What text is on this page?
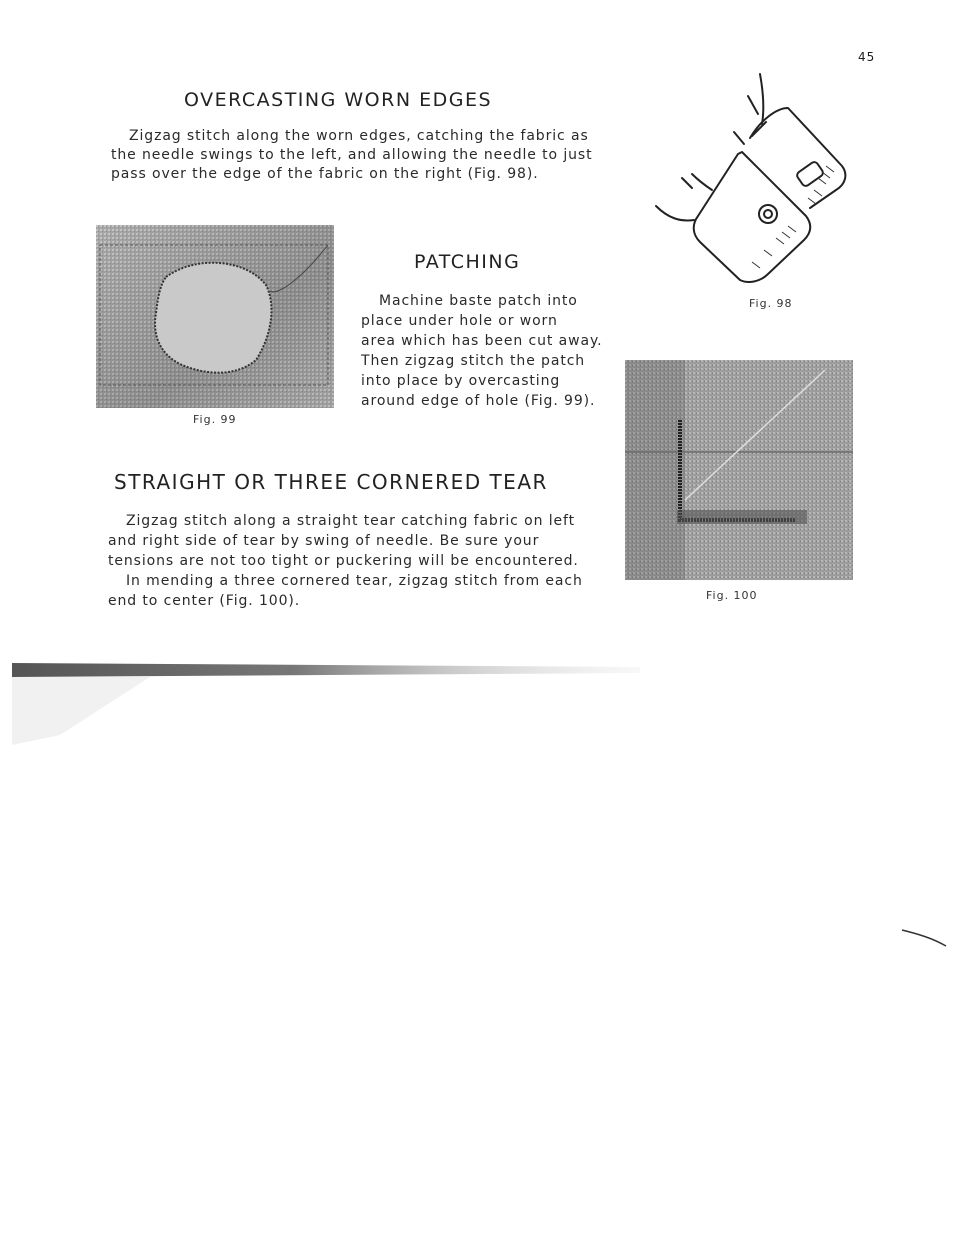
45
OVERCASTING WORN EDGES
Zigzag stitch along the worn edges, catching the fabric as
the needle swings to the left, and allowing the needle to just
pass over the edge of the fabric on the right (Fig. 98).
Fig. 98
Fig. 99
PATCHING
Machine baste patch into
place under hole or worn
area which has been cut away.
Then zigzag stitch the patch
into place by overcasting
around edge of hole (Fig. 99).
Fig. 100
STRAIGHT OR THREE CORNERED TEAR
Zigzag stitch along a straight tear catching fabric on left
and right side of tear by swing of needle. Be sure your
tensions are not too tight or puckering will be encountered.
In mending a three cornered tear, zigzag stitch from each
end to center (Fig. 100).
